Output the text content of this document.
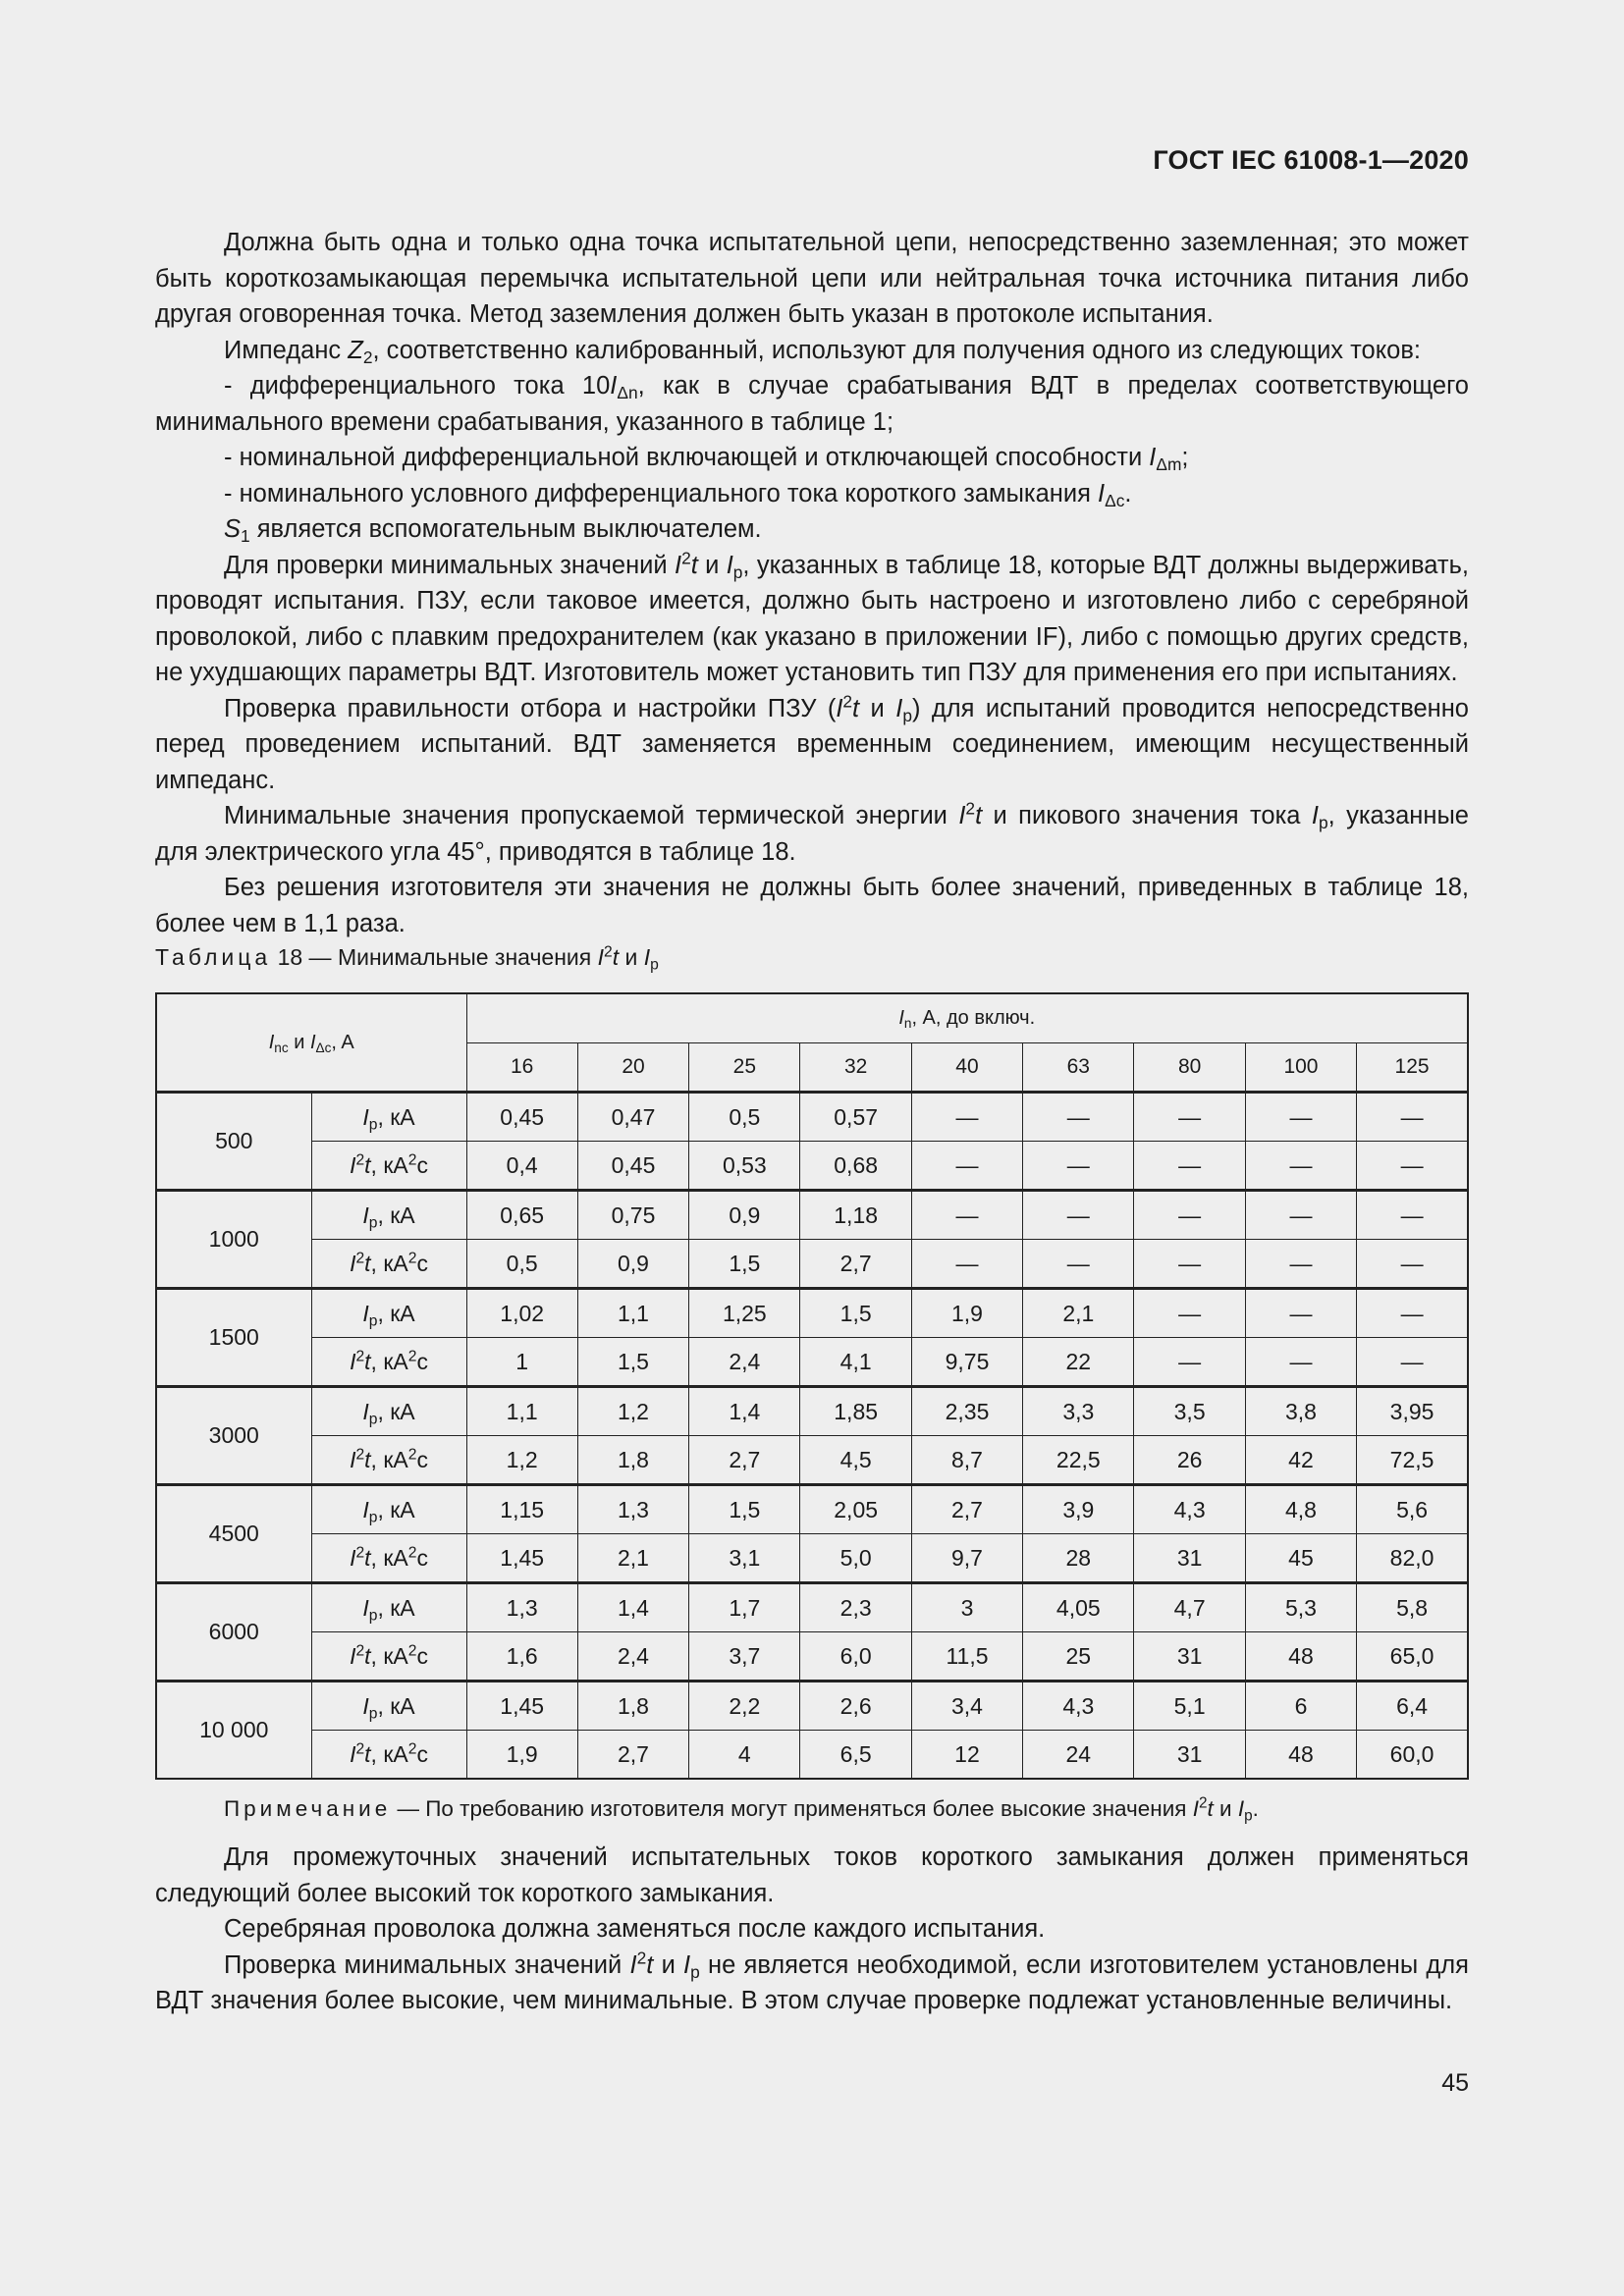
ГОСТ IEC 61008-1—2020

Должна быть одна и только одна точка испытательной цепи, непосредственно заземленная; это может быть короткозамыкающая перемычка испытательной цепи или нейтральная точка источника питания либо другая оговоренная точка. Метод заземления должен быть указан в протоколе испытания.

Импеданс $Z_2$, соответственно калиброванный, используют для получения одного из следующих токов:

- дифференциального тока $10I_{\Delta n}$, как в случае срабатывания ВДТ в пределах соответствующего минимального времени срабатывания, указанного в таблице 1;

- номинальной дифференциальной включающей и отключающей способности $I_{\Delta m}$;

- номинального условного дифференциального тока короткого замыкания $I_{\Delta c}$.

$S_1$ является вспомогательным выключателем.

Для проверки минимальных значений $I^2t$ и $I_p$, указанных в таблице 18, которые ВДТ должны выдерживать, проводят испытания. ПЗУ, если таковое имеется, должно быть настроено и изготовлено либо с серебряной проволокой, либо с плавким предохранителем (как указано в приложении IF), либо с помощью других средств, не ухудшающих параметры ВДТ. Изготовитель может установить тип ПЗУ для применения его при испытаниях.

Проверка правильности отбора и настройки ПЗУ ($I^2t$ и $I_p$) для испытаний проводится непосредственно перед проведением испытаний. ВДТ заменяется временным соединением, имеющим несущественный импеданс.

Минимальные значения пропускаемой термической энергии $I^2t$ и пикового значения тока $I_p$, указанные для электрического угла 45°, приводятся в таблице 18.

Без решения изготовителя эти значения не должны быть более значений, приведенных в таблице 18, более чем в 1,1 раза.

Таблица 18 — Минимальные значения $I^2t$ и $I_p$
$I_{nc}$ и $I_{\Delta c}$, A		$I_n$, А, до включ.								
		16	20	25	32	40	63	80	100	125
500	$I_p$, кА	0,45	0,47	0,5	0,57	—	—	—	—	—
	$I^2t$, $кА^2с$	0,4	0,45	0,53	0,68	—	—	—	—	—
1000	$I_p$, кА	0,65	0,75	0,9	1,18	—	—	—	—	—
	$I^2t$, $кА^2с$	0,5	0,9	1,5	2,7	—	—	—	—	—
1500	$I_p$, кА	1,02	1,1	1,25	1,5	1,9	2,1	—	—	—
	$I^2t$, $кА^2с$	1	1,5	2,4	4,1	9,75	22	—	—	—
3000	$I_p$, кА	1,1	1,2	1,4	1,85	2,35	3,3	3,5	3,8	3,95
	$I^2t$, $кА^2с$	1,2	1,8	2,7	4,5	8,7	22,5	26	42	72,5
4500	$I_p$, кА	1,15	1,3	1,5	2,05	2,7	3,9	4,3	4,8	5,6
	$I^2t$, $кА^2с$	1,45	2,1	3,1	5,0	9,7	28	31	45	82,0
6000	$I_p$, кА	1,3	1,4	1,7	2,3	3	4,05	4,7	5,3	5,8
	$I^2t$, $кА^2с$	1,6	2,4	3,7	6,0	11,5	25	31	48	65,0
10 000	$I_p$, кА	1,45	1,8	2,2	2,6	3,4	4,3	5,1	6	6,4
	$I^2t$, $кА^2с$	1,9	2,7	4	6,5	12	24	31	48	60,0
Примечание — По требованию изготовителя могут применяться более высокие значения $I^2t$ и $I_p$.

Для промежуточных значений испытательных токов короткого замыкания должен применяться следующий более высокий ток короткого замыкания.

Серебряная проволока должна заменяться после каждого испытания.

Проверка минимальных значений $I^2t$ и $I_p$ не является необходимой, если изготовителем установлены для ВДТ значения более высокие, чем минимальные. В этом случае проверке подлежат установленные величины.

45
